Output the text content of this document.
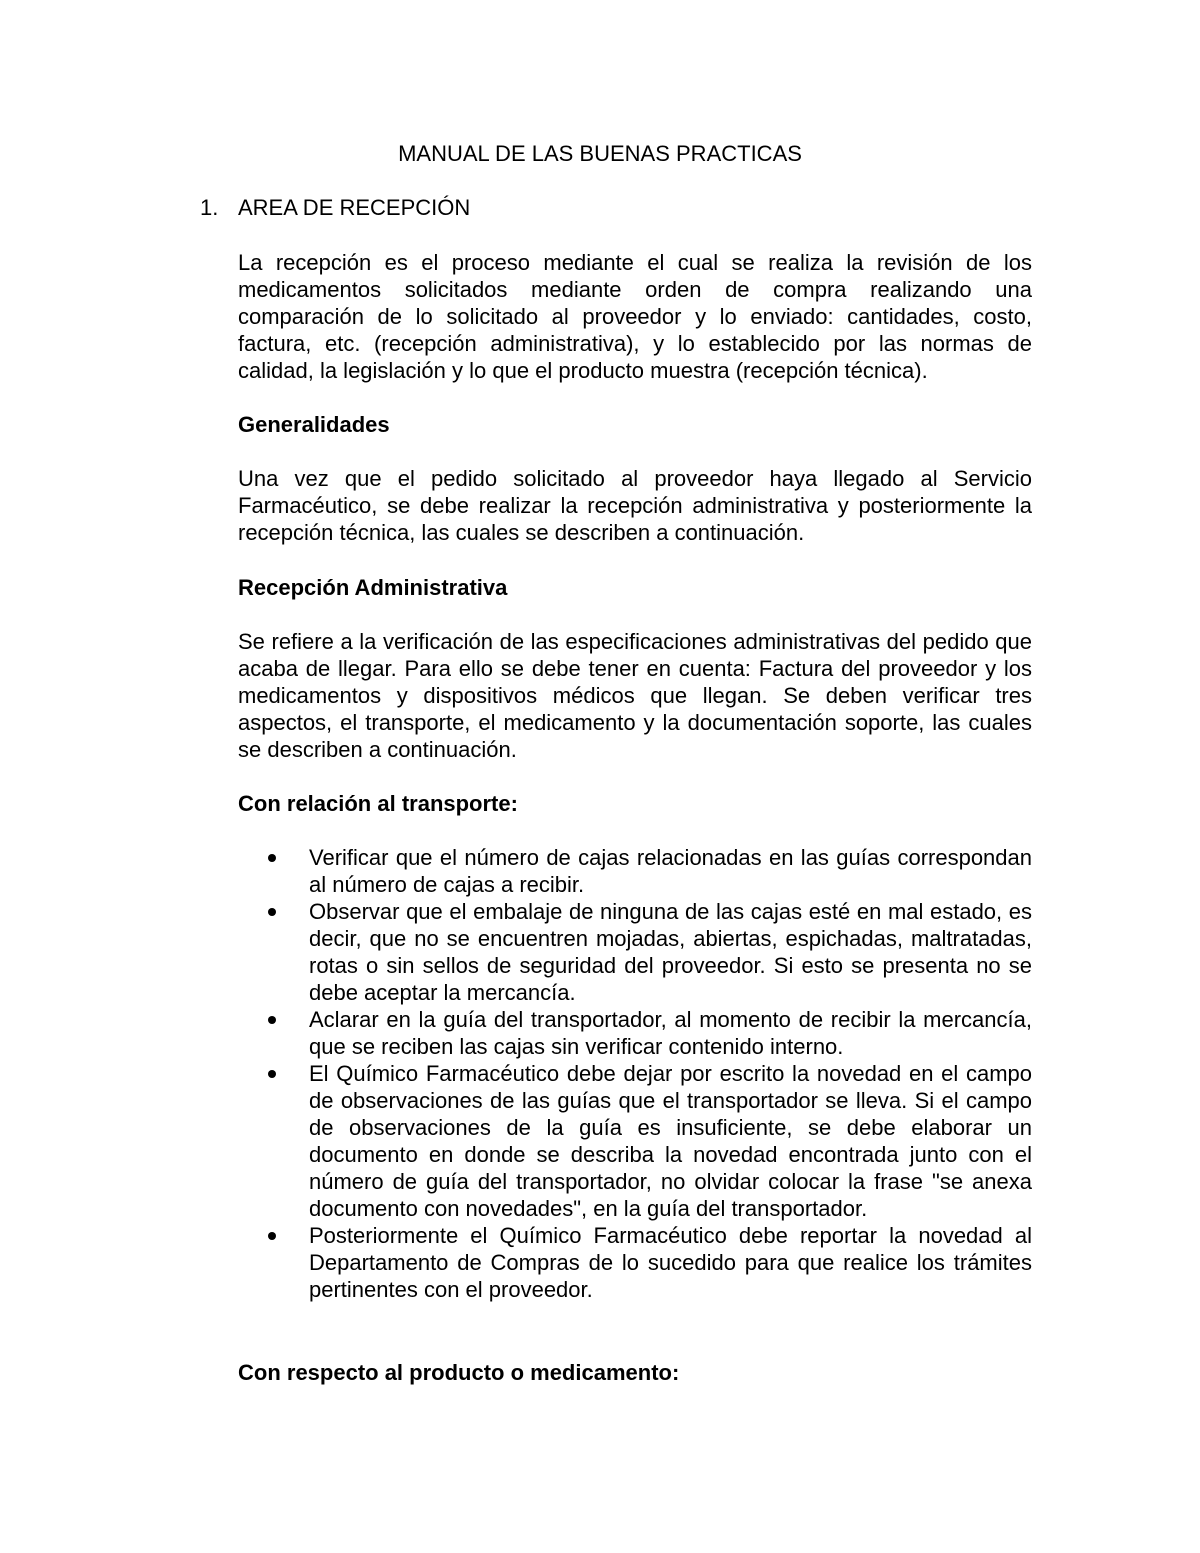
MANUAL DE LAS BUENAS PRACTICAS
1. AREA DE RECEPCIÓN

La recepción es el proceso mediante el cual se realiza la revisión de los medicamentos solicitados mediante orden de compra realizando una comparación de lo solicitado al proveedor y lo enviado: cantidades, costo, factura, etc. (recepción administrativa), y lo establecido por las normas de calidad, la legislación y lo que el producto muestra (recepción técnica).

Generalidades

Una vez que el pedido solicitado al proveedor haya llegado al Servicio Farmacéutico, se debe realizar la recepción administrativa y posteriormente la recepción técnica, las cuales se describen a continuación.

Recepción Administrativa

Se refiere a la verificación de las especificaciones administrativas del pedido que acaba de llegar. Para ello se debe tener en cuenta: Factura del proveedor y los medicamentos y dispositivos médicos que llegan. Se deben verificar tres aspectos, el transporte, el medicamento y la documentación soporte, las cuales se describen a continuación.

Con relación al transporte:

Verificar que el número de cajas relacionadas en las guías correspondan al número de cajas a recibir.
Observar que el embalaje de ninguna de las cajas esté en mal estado, es decir, que no se encuentren mojadas, abiertas, espichadas, maltratadas, rotas o sin sellos de seguridad del proveedor. Si esto se presenta no se debe aceptar la mercancía.
Aclarar en la guía del transportador, al momento de recibir la mercancía, que se reciben las cajas sin verificar contenido interno.
El Químico Farmacéutico debe dejar por escrito la novedad en el campo de observaciones de las guías que el transportador se lleva. Si el campo de observaciones de la guía es insuficiente, se debe elaborar un documento en donde se describa la novedad encontrada junto con el número de guía del transportador, no olvidar colocar la frase "se anexa documento con novedades", en la guía del transportador.
Posteriormente el Químico Farmacéutico debe reportar la novedad al Departamento de Compras de lo sucedido para que realice los trámites pertinentes con el proveedor.

Con respecto al producto o medicamento:
